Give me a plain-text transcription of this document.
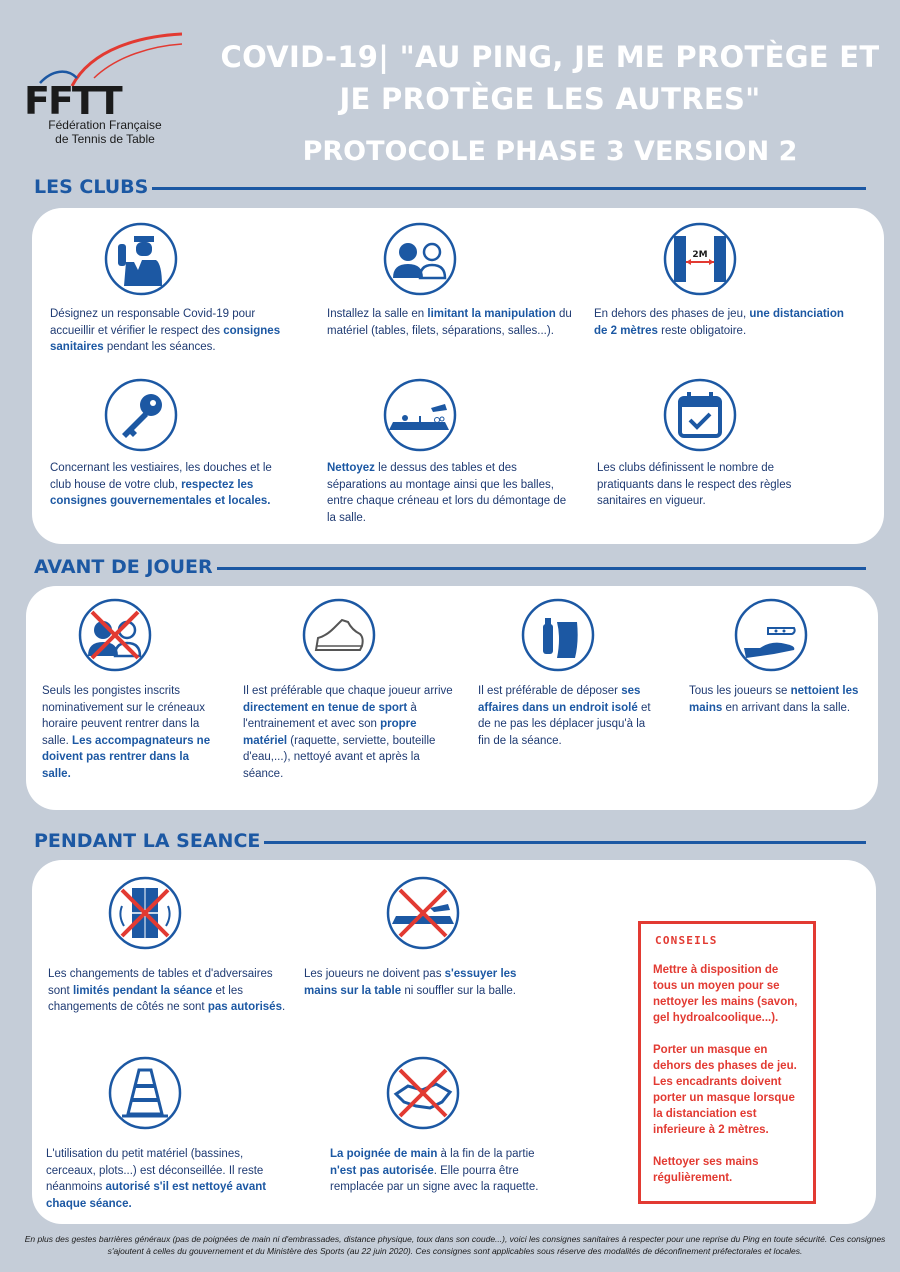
FFTT
Fédération Française
de Tennis de Table
COVID-19| "AU PING, JE ME PROTÈGE ET
JE PROTÈGE LES AUTRES"
PROTOCOLE PHASE 3 VERSION 2
LES CLUBS
2M
Désignez un responsable Covid-19 pour accueillir et vérifier le respect des consignes sanitaires pendant les séances.
Installez la salle en limitant la manipulation du matériel (tables, filets, séparations, salles...).
En dehors des phases de jeu, une distanciation de 2 mètres reste obligatoire.
Concernant les vestiaires, les douches et le club house de votre club, respectez les consignes gouvernementales et locales.
Nettoyez le dessus des tables et des séparations au montage ainsi que les balles, entre chaque créneau et lors du démontage de la salle.
Les clubs définissent le nombre de pratiquants dans le respect des règles sanitaires en vigueur.
AVANT DE JOUER
Seuls les pongistes inscrits nominativement sur le créneaux horaire peuvent rentrer dans la salle. Les accompagnateurs ne doivent pas rentrer dans la salle.
Il est préférable que chaque joueur arrive directement en tenue de sport à l'entrainement et avec son propre matériel (raquette, serviette, bouteille d'eau,...), nettoyé avant et après la séance.
Il est préférable de déposer ses affaires dans un endroit isolé et de ne pas les déplacer jusqu'à la fin de la séance.
Tous les joueurs se nettoient les mains en arrivant dans la salle.
PENDANT LA SEANCE
Les changements de tables et d'adversaires sont limités pendant la séance et les changements de côtés ne sont pas autorisés.
Les joueurs ne doivent pas s'essuyer les mains sur la table ni souffler sur la balle.
L'utilisation du petit matériel (bassines, cerceaux, plots...) est déconseillée. Il reste néanmoins autorisé s'il est nettoyé avant chaque séance.
La poignée de main à la fin de la partie n'est pas autorisée. Elle pourra être remplacée par un signe avec la raquette.
CONSEILS

Mettre à disposition de tous un moyen pour se nettoyer les mains (savon, gel hydroalcoolique...).

Porter un masque en dehors des phases de jeu. Les encadrants doivent porter un masque lorsque la distanciation est inferieure à 2 mètres.

Nettoyer ses mains régulièrement.

En plus des gestes barrières généraux (pas de poignées de main ni d'embrassades, distance physique, toux dans son coude...), voici les consignes sanitaires à respecter pour une reprise du Ping en toute sécurité. Ces consignes s'ajoutent à celles du gouvernement et du Ministère des Sports (au 22 juin 2020). Ces consignes sont applicables sous réserve des modalités de déconfinement préfectorales et locales.
